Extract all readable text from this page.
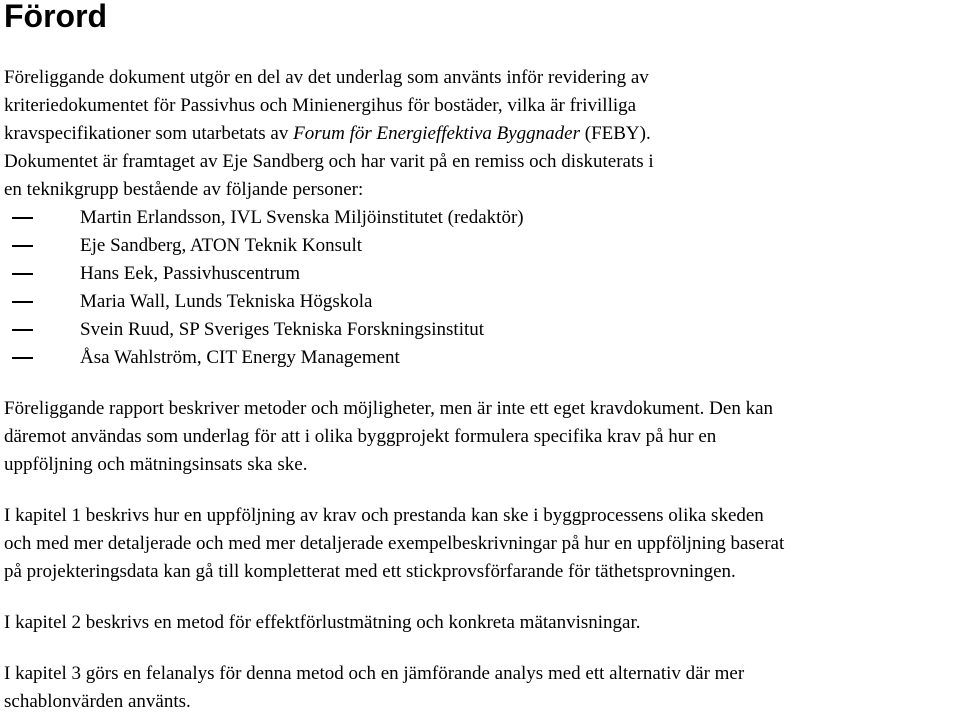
Förord

Föreliggande dokument utgör en del av det underlag som använts inför revidering av
kriteriedokumentet för Passivhus och Minienergihus för bostäder, vilka är frivilliga
kravspecifikationer som utarbetats av Forum för Energieffektiva Byggnader (FEBY).
Dokumentet är framtaget av Eje Sandberg och har varit på en remiss och diskuterats i
en teknikgrupp bestående av följande personer:

Martin Erlandsson, IVL Svenska Miljöinstitutet (redaktör)
Eje Sandberg, ATON Teknik Konsult
Hans Eek, Passivhuscentrum
Maria Wall, Lunds Tekniska Högskola
Svein Ruud, SP Sveriges Tekniska Forskningsinstitut
Åsa Wahlström, CIT Energy Management

Föreliggande rapport beskriver metoder och möjligheter, men är inte ett eget kravdokument. Den kan
däremot användas som underlag för att i olika byggprojekt formulera specifika krav på hur en
uppföljning och mätningsinsats ska ske.

I kapitel 1 beskrivs hur en uppföljning av krav och prestanda kan ske i byggprocessens olika skeden
och med mer detaljerade och med mer detaljerade exempelbeskrivningar på hur en uppföljning baserat
på projekteringsdata kan gå till kompletterat med ett stickprovsförfarande för täthetsprovningen.

I kapitel 2 beskrivs en metod för effektförlustmätning och konkreta mätanvisningar.

I kapitel 3 görs en felanalys för denna metod och en jämförande analys med ett alternativ där mer
schablonvärden använts.
